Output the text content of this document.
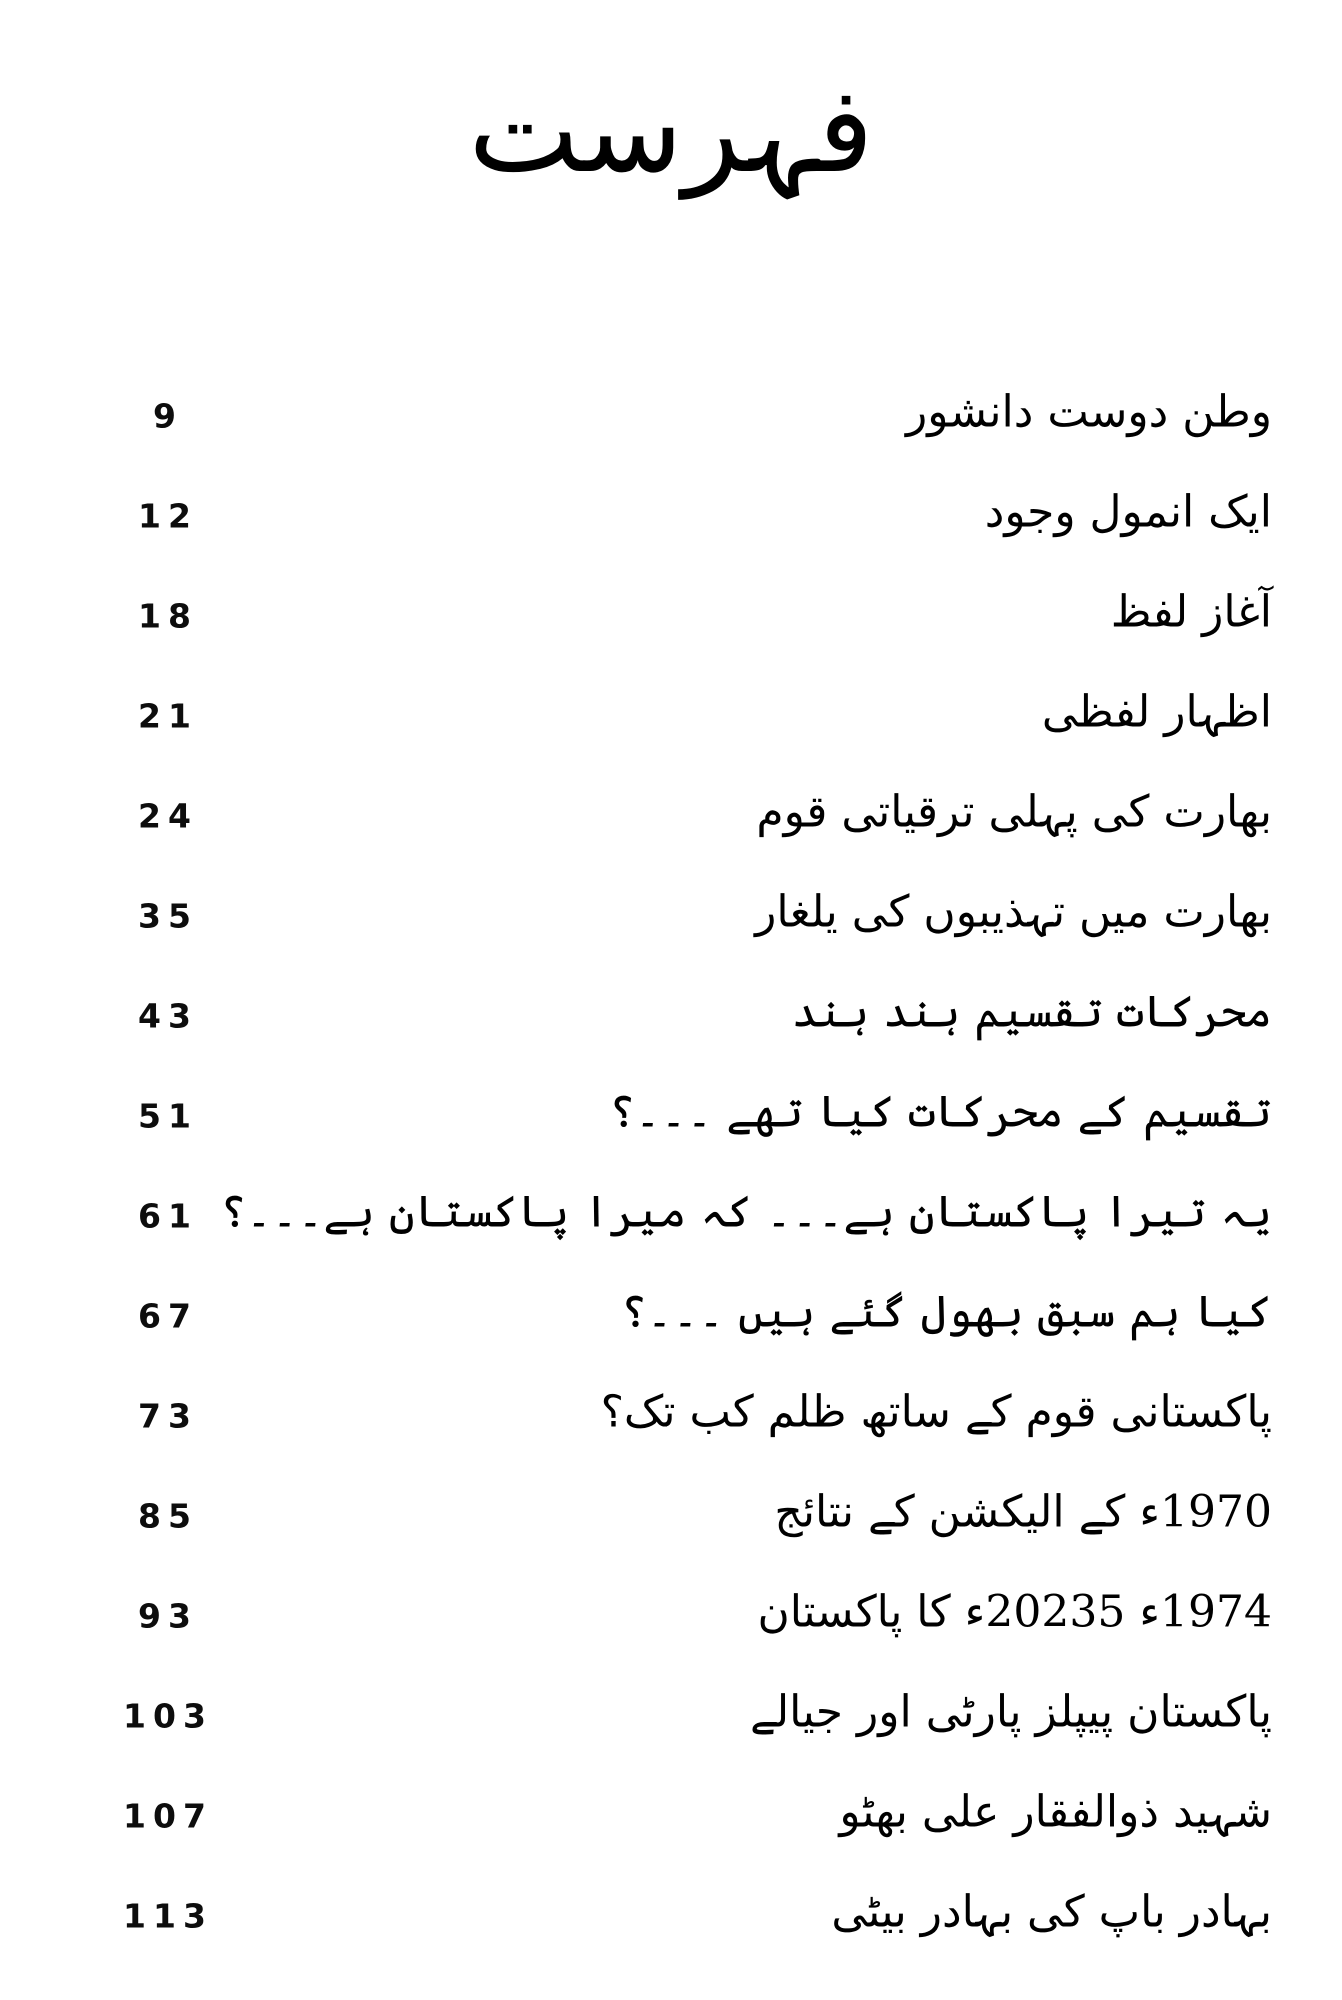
فہرست
9	وطن دوست دانشور
12	ایک انمول وجود
18	آغاز لفظ
21	اظہار لفظی
24	بھارت کی پہلی ترقیاتی قوم
35	بھارت میں تہذیبوں کی یلغار
43	محرکات تقسیم ہند ہند
51	تقسیم کے محرکات کیا تھے ۔۔۔؟
61 یہ تیرا پاکستان ہے۔۔۔ کہ میرا پاکستان ہے۔۔۔؟
67	کیا ہم سبق بھول گئے ہیں ۔۔۔؟
73	پاکستانی قوم کے ساتھ ظلم کب تک؟
85	1970ء کے الیکشن کے نتائج
93	1974ء 20235ء کا پاکستان
103	پاکستان پیپلز پارٹی اور جیالے
107	شہید ذوالفقار علی بھٹو
113	بہادر باپ کی بہادر بیٹی
